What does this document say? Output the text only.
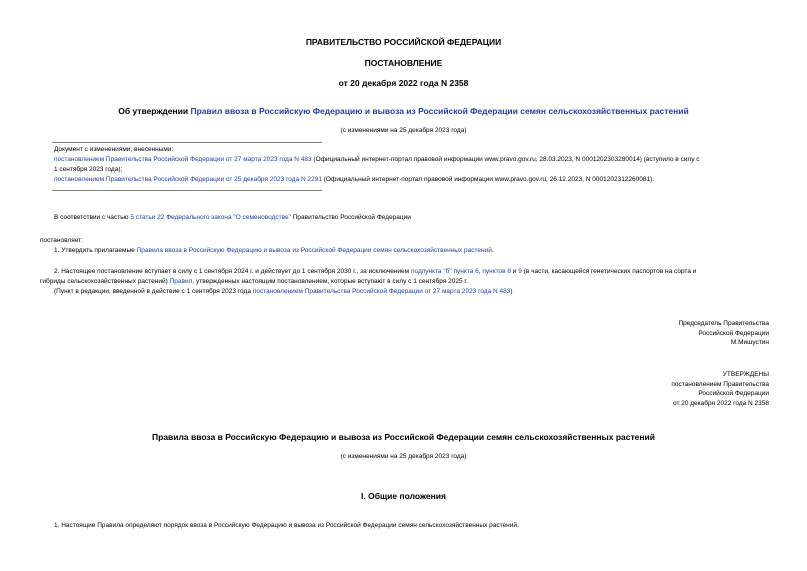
ПРАВИТЕЛЬСТВО РОССИЙСКОЙ ФЕДЕРАЦИИ
ПОСТАНОВЛЕНИЕ
от 20 декабря 2022 года N 2358
Об утверждении Правил ввоза в Российскую Федерацию и вывоза из Российской Федерации семян сельскохозяйственных растений
(с изменениями на 25 декабря 2023 года)
Документ с изменениями, внесенными:
постановлением Правительства Российской Федерации от 27 марта 2023 года N 483 (Официальный интернет-портал правовой информации www.pravo.gov.ru, 28.03.2023, N 0001202303280014) (вступило в силу с
1 сентября 2023 года);
постановлением Правительства Российской Федерации от 25 декабря 2023 года N 2291 (Официальный интернет-портал правовой информации www.pravo.gov.ru, 26.12.2023, N 0001202312260081).
В соответствии с частью 5 статьи 22 Федерального закона "О семеноводстве" Правительство Российской Федерации
постановляет:
1. Утвердить прилагаемые Правила ввоза в Российскую Федерацию и вывоза из Российской Федерации семян сельскохозяйственных растений.
2. Настоящее постановление вступает в силу с 1 сентября 2024 г. и действует до 1 сентября 2030 г., за исключением подпункта "б" пункта 6, пунктов 8 и 9 (в части, касающейся генетических паспортов на сорта и
гибриды сельскохозяйственных растений) Правил, утвержденных настоящим постановлением, которые вступают в силу с 1 сентября 2025 г.
(Пункт в редакции, введенной в действие с 1 сентября 2023 года постановлением Правительства Российской Федерации от 27 марта 2023 года N 483)
Председатель Правительства
Российской Федерации
М.Мишустин
УТВЕРЖДЕНЫ
постановлением Правительства
Российской Федерации
от 20 декабря 2022 года N 2358
Правила ввоза в Российскую Федерацию и вывоза из Российской Федерации семян сельскохозяйственных растений
(с изменениями на 25 декабря 2023 года)
I. Общие положения
1. Настоящие Правила определяют порядок ввоза в Российскую Федерацию и вывоза из Российской Федерации семян сельскохозяйственных растений.
